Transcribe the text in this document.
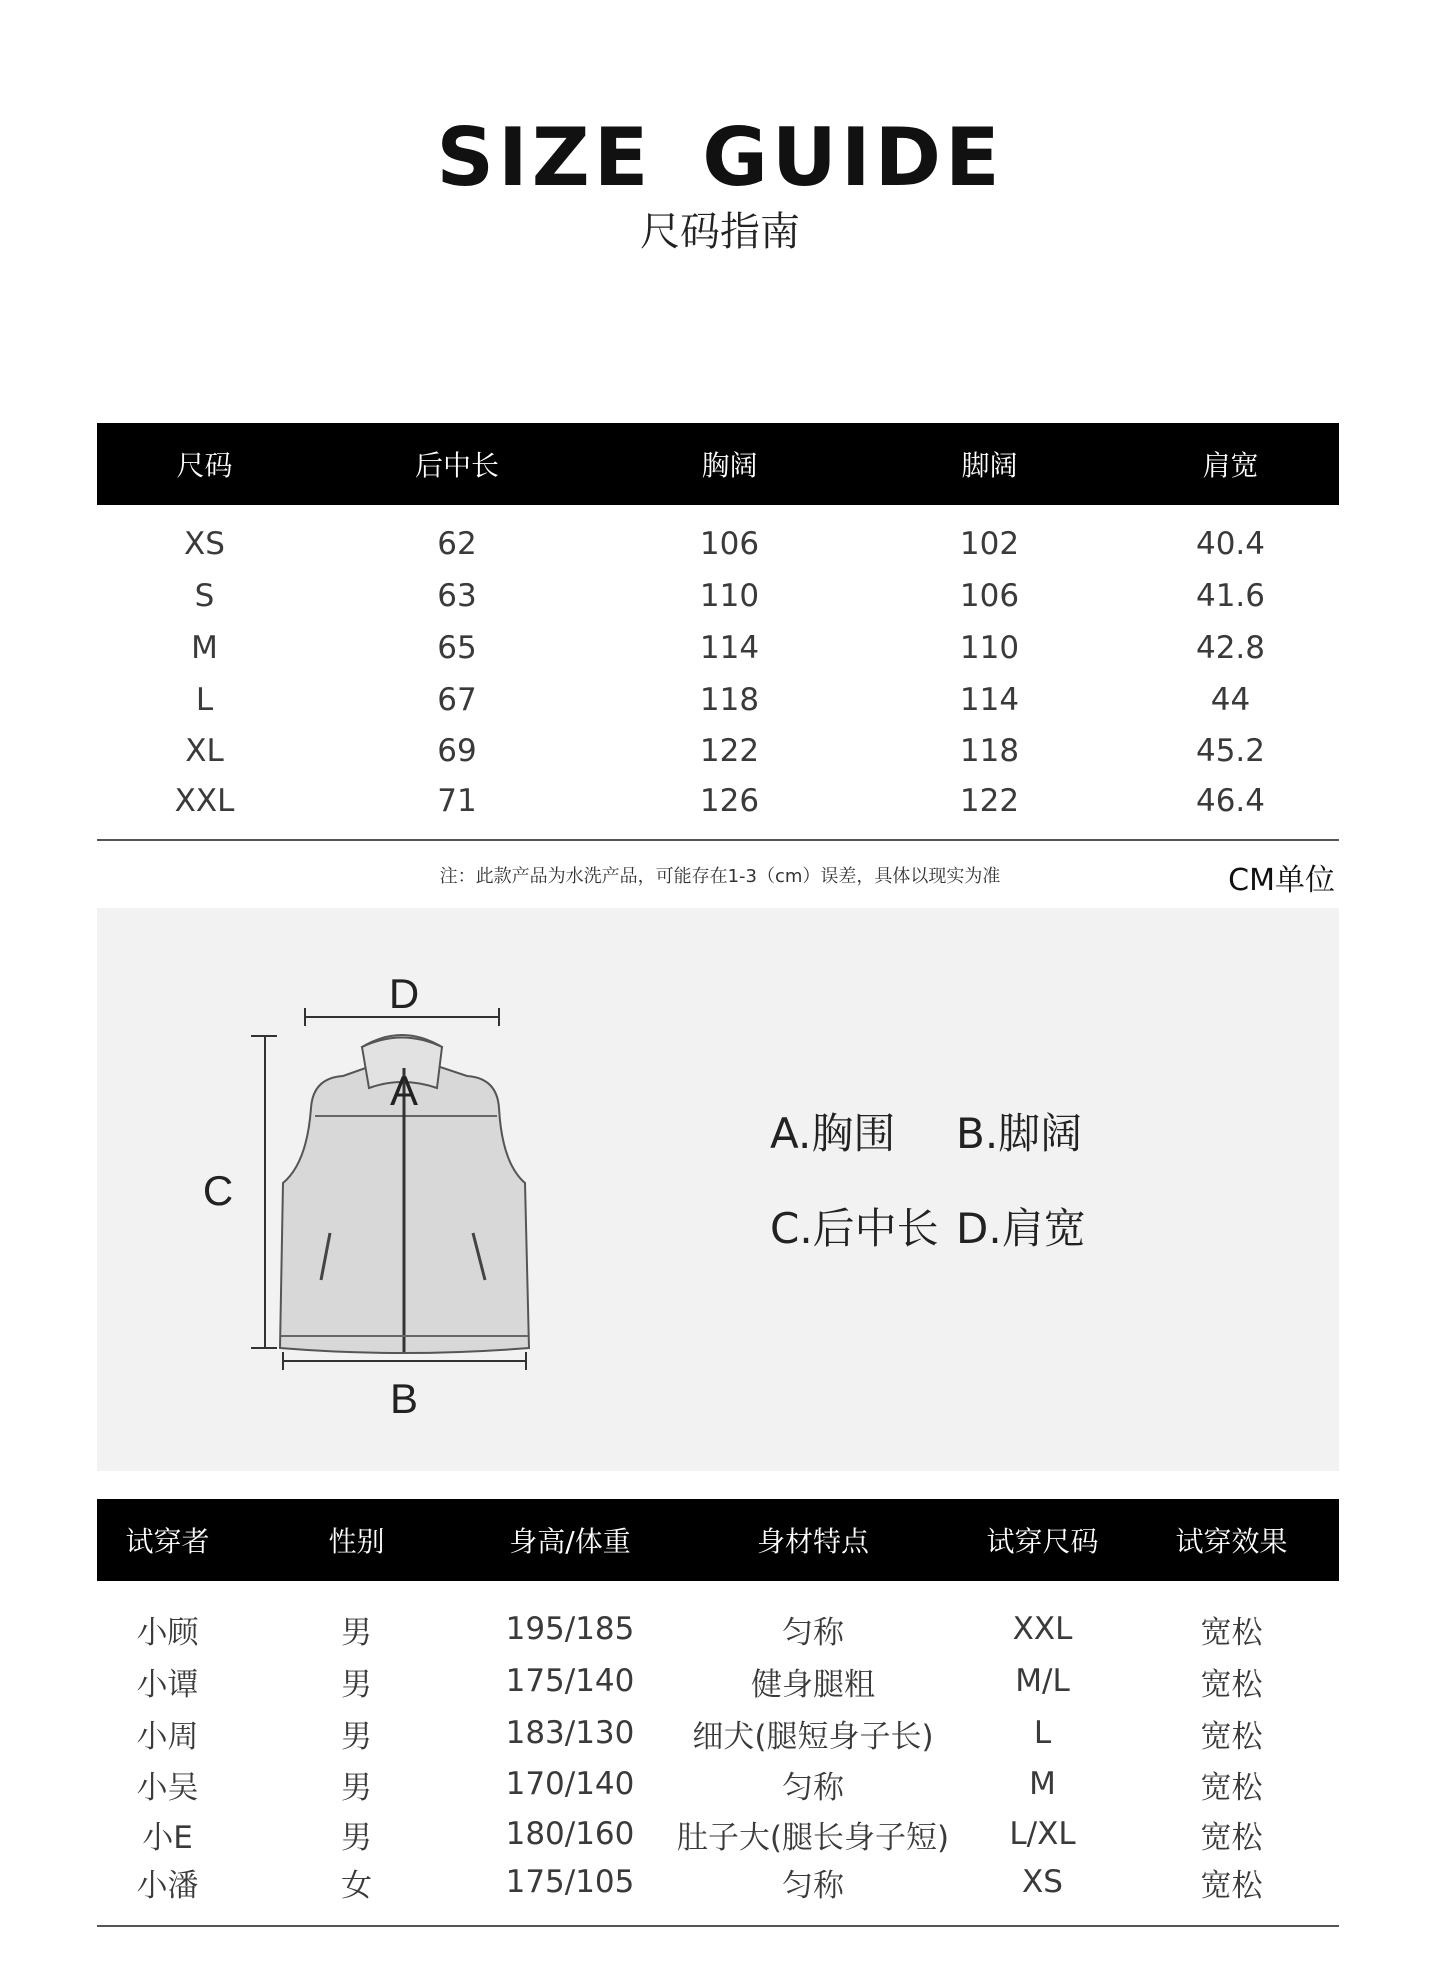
SIZE GUIDE
尺码指南
尺码	后中长	胸阔	脚阔	肩宽
XS	62	106	102	40.4
S	63	110	106	41.6
M	65	114	110	42.8
L	67	118	114	44
XL	69	122	118	45.2
XXL	71	126	122	46.4
注：此款产品为水洗产品，可能存在1-3（cm）误差，具体以现实为准	CM单位
D
A
C
B
A.胸围 B.脚阔
C.后中长 D.肩宽
试穿者	性别	身高/体重	身材特点	试穿尺码	试穿效果
小顾	男	195/185	匀称	XXL	宽松
小谭	男	175/140	健身腿粗	M/L	宽松
小周	男	183/130	细犬(腿短身子长)	L	宽松
小吴	男	170/140	匀称	M	宽松
小E	男	180/160	肚子大(腿长身子短)	L/XL	宽松
小潘	女	175/105	匀称	XS	宽松
